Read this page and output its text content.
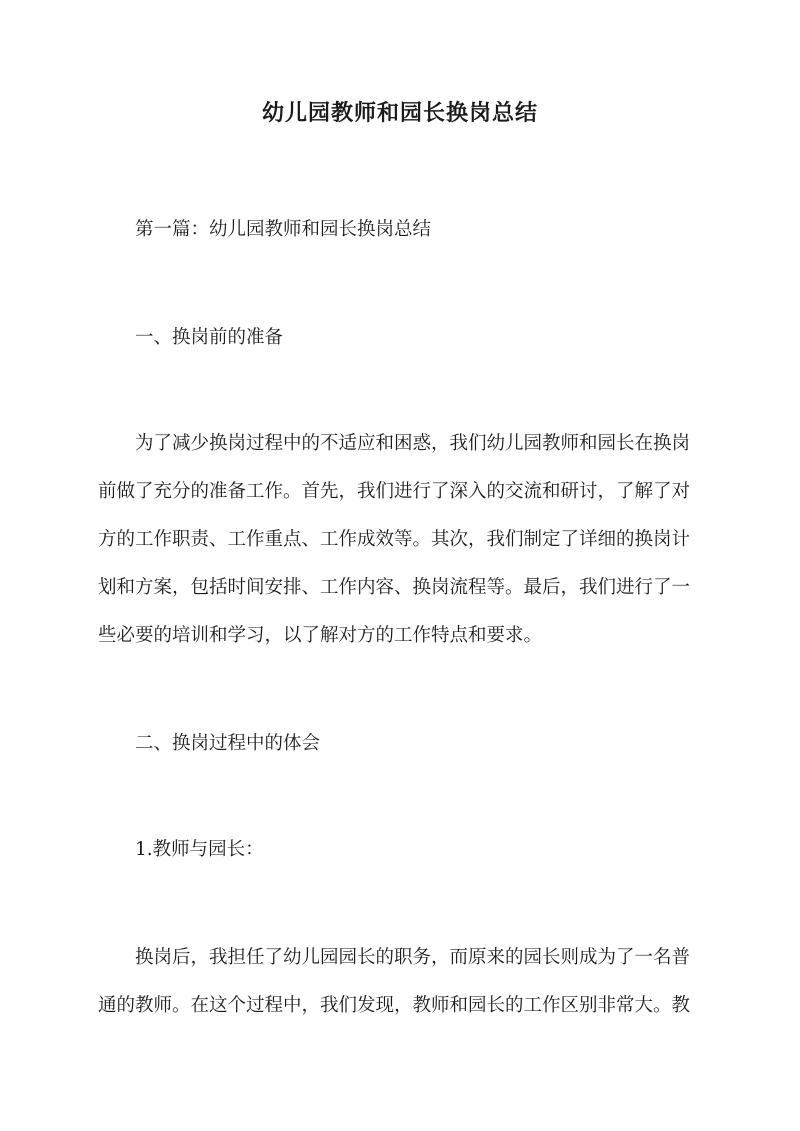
幼儿园教师和园长换岗总结
第一篇：幼儿园教师和园长换岗总结
一、换岗前的准备
为了减少换岗过程中的不适应和困惑，我们幼儿园教师和园长在换岗
前做了充分的准备工作。首先，我们进行了深入的交流和研讨，了解了对
方的工作职责、工作重点、工作成效等。其次，我们制定了详细的换岗计
划和方案，包括时间安排、工作内容、换岗流程等。最后，我们进行了一
些必要的培训和学习，以了解对方的工作特点和要求。
二、换岗过程中的体会
1.教师与园长：
换岗后，我担任了幼儿园园长的职务，而原来的园长则成为了一名普
通的教师。在这个过程中，我们发现，教师和园长的工作区别非常大。教
